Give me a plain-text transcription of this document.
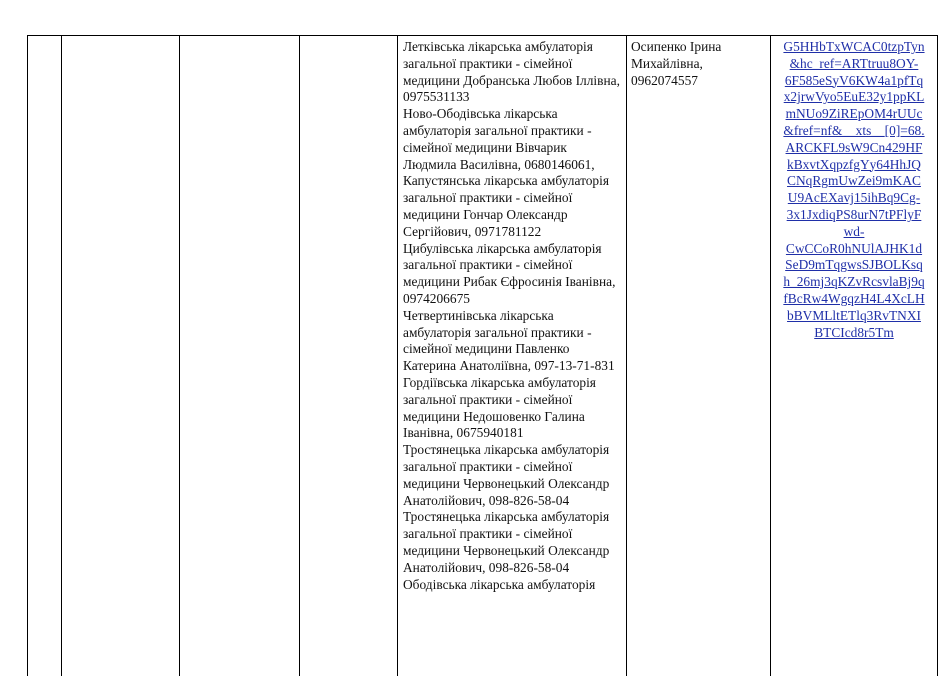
Летківська лікарська амбулаторія загальної практики - сімейної медицини Добранська Любов Іллівна, 0975531133
Ново-Ободівська лікарська амбулаторія загальної практики - сімейної медицини Вівчарик Людмила Василівна, 0680146061,
Капустянська лікарська амбулаторія загальної практики - сімейної медицини Гончар Олександр Сергійович, 0971781122
Цибулівська лікарська амбулаторія загальної практики - сімейної медицини Рибак Єфросинія Іванівна, 0974206675
Четвертинівська лікарська амбулаторія загальної практики - сімейної медицини Павленко Катерина Анатоліївна, 097-13-71-831
Гордіївська лікарська амбулаторія загальної практики - сімейної медицини Недошовенко Галина Іванівна, 0675940181
Тростянецька лікарська амбулаторія загальної практики - сімейної медицини Червонецький Олександр Анатолійович, 098-826-58-04
Тростянецька лікарська амбулаторія загальної практики - сімейної медицини Червонецький Олександр Анатолійович, 098-826-58-04
Ободівська лікарська амбулаторія
Осипенко Ірина Михайлівна, 0962074557
G5HHbTxWCAC0tzpTyn
&hc_ref=ARTtruu8OY-
6F585eSyV6KW4a1pfTq
x2jrwVyo5EuE32y1ppKL
mNUo9ZiREpOM4rUUc
&fref=nf&__xts__[0]=68.
ARCKFL9sW9Cn429HF
kBxvtXqpzfgYy64HhJQ
CNqRgmUwZei9mKAC
U9AcEXavj15ihBq9Cg-
3x1JxdiqPS8urN7tPFlyF
wd-
CwCCoR0hNUlAJHK1d
SeD9mTqgwsSJBOLKsq
h_26mj3qKZvRcsvlaBj9q
fBcRw4WgqzH4L4XcLH
bBVMLltETlq3RvTNXI
BTCIcd8r5Tm
